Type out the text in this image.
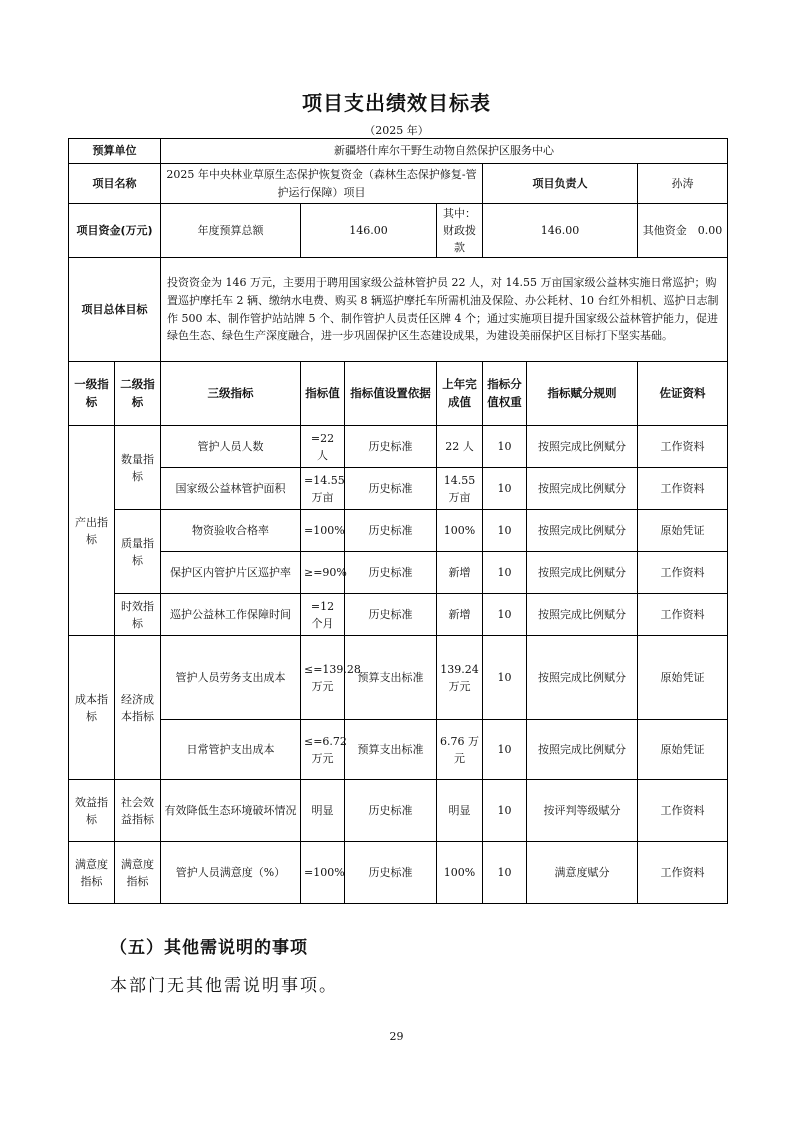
项目支出绩效目标表
（2025 年）
预算单位		新疆塔什库尔干野生动物自然保护区服务中心						
项目名称		2025 年中央林业草原生态保护恢复资金（森林生态保护修复-管护运行保障）项目				项目负责人		孙涛
项目资金(万元)		年度预算总额	146.00		其中：财政拨款	146.00		其他资金　 0.00
项目总体目标		投资资金为 146 万元，主要用于聘用国家级公益林管护员 22 人，对 14.55 万亩国家级公益林实施日常巡护；购置巡护摩托车 2 辆、缴纳水电费、购买 8 辆巡护摩托车所需机油及保险、办公耗材、10 台红外相机、巡护日志制作 500 本、制作管护站站牌 5 个、制作管护人员责任区牌 4 个；通过实施项目提升国家级公益林管护能力，促进绿色生态、绿色生产深度融合，进一步巩固保护区生态建设成果，为建设美丽保护区目标打下坚实基础。						
一级指标	二级指标	三级指标	指标值	指标值设置依据	上年完成值	指标分值权重	指标赋分规则	佐证资料
产出指标	数量指标	管护人员人数	=22 人	历史标准	22 人	10	按照完成比例赋分	工作资料
		国家级公益林管护面积	=14.55 万亩	历史标准	14.55 万亩	10	按照完成比例赋分	工作资料
	质量指标	物资验收合格率	=100%	历史标准	100%	10	按照完成比例赋分	原始凭证
		保护区内管护片区巡护率	≥=90%	历史标准	新增	10	按照完成比例赋分	工作资料
	时效指标	巡护公益林工作保障时间	=12 个月	历史标准	新增	10	按照完成比例赋分	工作资料
成本指标	经济成本指标	管护人员劳务支出成本	≤=139.28 万元	预算支出标准	139.24 万元	10	按照完成比例赋分	原始凭证
		日常管护支出成本	≤=6.72 万元	预算支出标准	6.76 万元	10	按照完成比例赋分	原始凭证
效益指标	社会效益指标	有效降低生态环境破坏情况	明显	历史标准	明显	10	按评判等级赋分	工作资料
满意度指标	满意度指标	管护人员满意度（%）	=100%	历史标准	100%	10	满意度赋分	工作资料
（五）其他需说明的事项
本部门无其他需说明事项。
29
